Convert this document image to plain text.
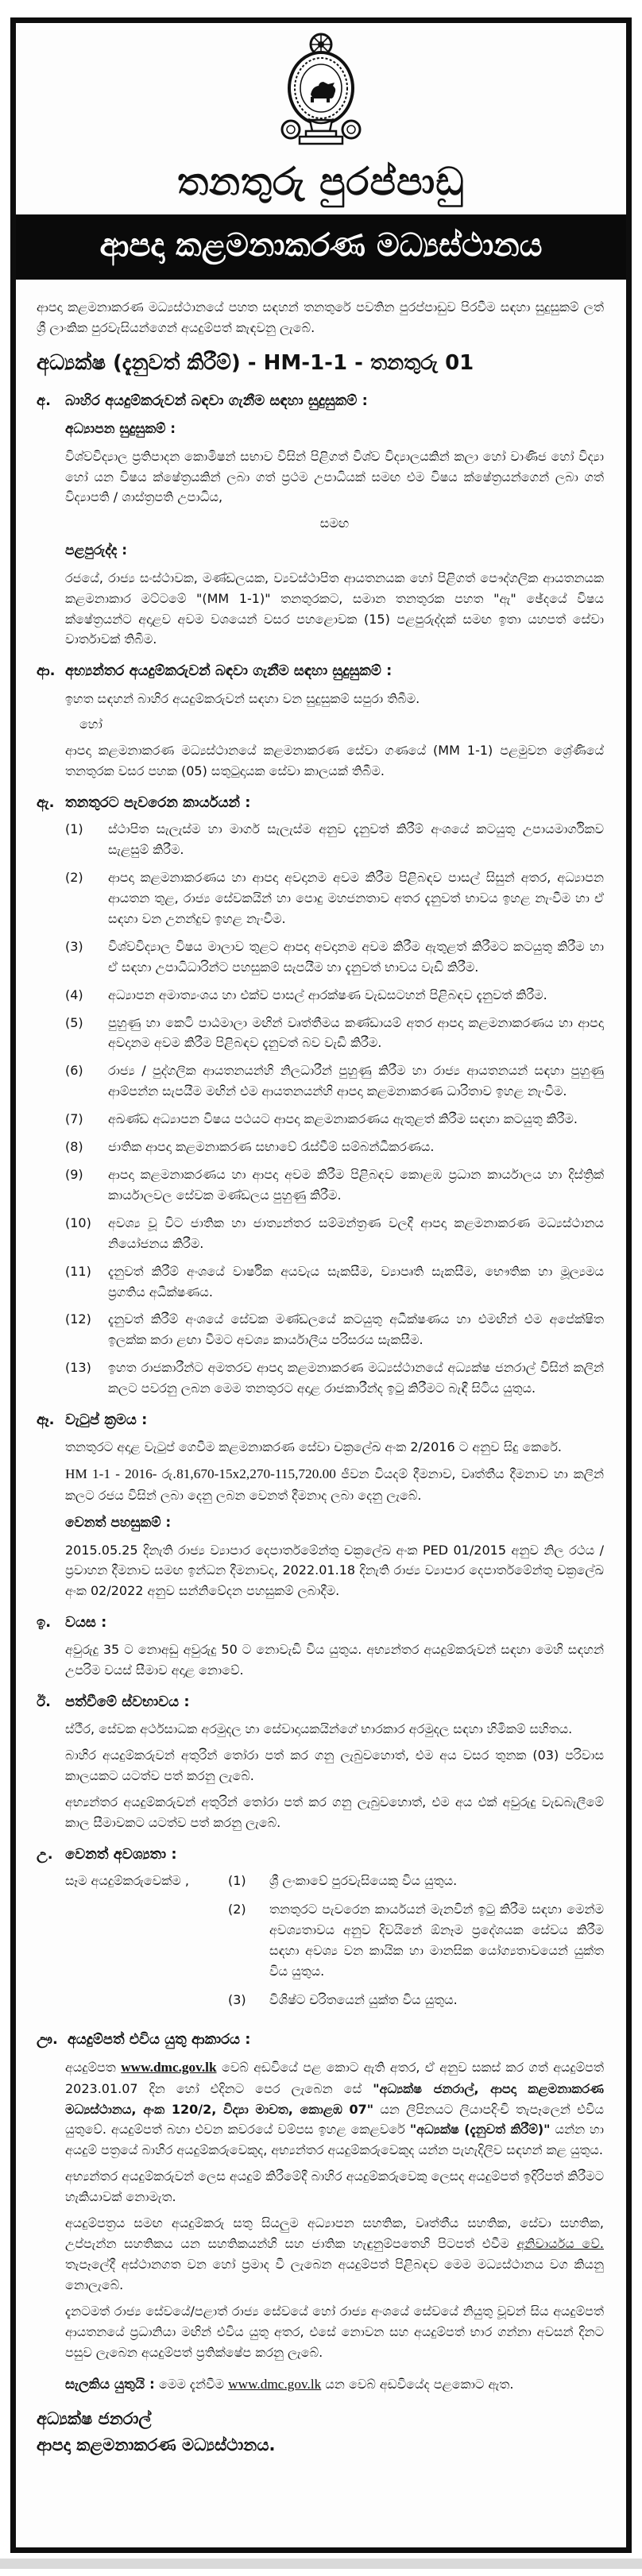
තනතුරු පුරප්පාඩු
ආපදා කළමනාකරණ මධ්‍යස්ථානය

ආපදා කළමනාකරණ මධ්‍යස්ථානයේ පහත සඳහන් තනතුරේ පවතින පුරප්පාඩුව පිරවීම සඳහා සුදුසුකම් ලත් ශ්‍රී ලාංකික පුරවැසියන්ගෙන් අයදුම්පත් කැඳවනු ලැබේ.

අධ්‍යක්ෂ (දැනුවත් කිරීම්) - HM-1-1 - තනතුරු 01
අ.	බාහිර අයදුම්කරුවන් බඳවා ගැනීම සඳහා සුදුසුකම් :
අධ්‍යාපන සුදුසුකම් :

විශ්වවිද්‍යාල ප්‍රතිපාදන කොමිෂන් සභාව විසින් පිළිගත් විශ්ව විද්‍යාලයකින් කලා හෝ වාණිජ හෝ විද්‍යා හෝ යන විෂය ක්ෂේත්‍රයකින් ලබා ගත් ප්‍රථම උපාධියක් සමඟ එම විෂය ක්ෂේත්‍රයන්ගෙන් ලබා ගත් විද්‍යාපති / ශාස්ත්‍රපති උපාධිය,

සමඟ

පළපුරුද්ද :

රජයේ, රාජ්‍ය සංස්ථාවක, මණ්ඩලයක, ව්‍යවස්ථාපිත ආයතනයක හෝ පිළිගත් පෞද්ගලික ආයතනයක කළමනාකාර මට්ටමේ "(MM 1-1)" තනතුරකට, සමාන තනතුරක පහත "ඇ" ඡේදයේ විෂය ක්ෂේත්‍රයන්ට අදාළව අවම වශයෙන් වසර පහළොවක (15) පළපුරුද්දක් සමඟ ඉතා යහපත් සේවා වාර්තාවක් තිබීම.

ආ. අභ්‍යන්තර අයදුම්කරුවන් බඳවා ගැනීම සඳහා සුදුසුකම් :

ඉහත සඳහන් බාහිර අයදුම්කරුවන් සඳහා වන සුදුසුකම් සපුරා තිබීම.

හෝ

ආපදා කළමනාකරණ මධ්‍යස්ථානයේ කළමනාකරණ සේවා ගණයේ (MM 1-1) පළමුවන ශ්‍රේණියේ තනතුරක වසර පහක (05) සතුටුදායක සේවා කාලයක් තිබීම.

ඇ. තනතුරට පැවරෙන කාර්යයන් :
(1)	ස්ථාපිත සැලැස්ම හා මාර්ග සැලැස්ම අනුව දැනුවත් කිරීම් අංශයේ කටයුතු උපායමාර්ගිකව සැළසුම් කිරීම.
(2)	ආපදා කළමනාකරණය හා ආපදා අවදානම අවම කිරීම පිළිබඳව පාසල් සිසුන් අතර, අධ්‍යාපන ආයතන තුළ, රාජ්‍ය සේවකයින් හා පොදු මහජනතාව අතර දැනුවත් භාවය ඉහළ නැංවීම හා ඒ සඳහා වන උනන්දුව ඉහළ නැංවීම.
(3)	විශ්වවිද්‍යාල විෂය මාලාව තුළට ආපදා අවදානම අවම කිරීම ඇතුළත් කිරීමට කටයුතු කිරීම හා ඒ සඳහා උපාධිධාරින්ට පහසුකම් සැපයීම හා දැනුවත් භාවය වැඩි කිරීම.
(4)	අධ්‍යාපන අමාත්‍යංශය හා එක්ව පාසල් ආරක්ෂණ වැඩසටහන් පිළිබඳව දැනුවත් කිරීම.
(5)	පුහුණු හා කෙටි පාඨමාලා මඟින් වෘත්තීමය කණ්ඩායම් අතර ආපදා කළමනාකරණය හා ආපදා අවදානම අවම කිරීම පිළිබඳව දැනුවත් බව වැඩි කිරීම.
(6)	රාජ්‍ය / පුද්ගලික ආයතනයන්හි නිලධාරීන් පුහුණු කිරීම හා රාජ්‍ය ආයතනයන් සඳහා පුහුණු ආම්පන්න සැපයීම මඟින් එම ආයතනයන්හි ආපදා කළමනාකරණ ධාරිතාව ඉහළ නැංවීම.
(7)	අඛණ්ඩ අධ්‍යාපන විෂය පථයට ආපදා කළමනාකරණය ඇතුළත් කිරීම සඳහා කටයුතු කිරීම.
(8)	ජාතික ආපදා කළමනාකරණ සභාවේ රැස්වීම් සම්බන්ධීකරණය.
(9)	ආපදා කළමනාකරණය හා ආපදා අවම කිරීම පිළිබඳව කොළඹ ප්‍රධාන කාර්යාලය හා දිස්ත්‍රික් කාර්යාලවල සේවක මණ්ඩලය පුහුණු කිරීම.
(10)	අවශ්‍ය වූ විට ජාතික හා ජාත්‍යන්තර සම්මන්ත්‍රණ වලදී ආපදා කළමනාකරණ මධ්‍යස්ථානය නියෝජනය කිරීම.
(11)	දැනුවත් කිරීම් අංශයේ වාර්ෂික අයවැය සැකසීම, ව්‍යාපෘති සැකසීම, භෞතික හා මූල්‍යමය ප්‍රගතිය අධීක්ෂණය.
(12)	දැනුවත් කිරීම් අංශයේ සේවක මණ්ඩලයේ කටයුතු අධීක්ෂණය හා එමඟින් එම අපේක්ෂිත ඉලක්ක කරා ළඟා වීමට අවශ්‍ය කාර්යාලීය පරිසරය සැකසීම.
(13)	ඉහත රාජකාරීන්ට අමතරව ආපදා කළමනාකරණ මධ්‍යස්ථානයේ අධ්‍යක්ෂ ජනරාල් විසින් කලින් කලට පවරනු ලබන මෙම තනතුරට අදාළ රාජකාරීන්ද ඉටු කිරීමට බැඳී සිටිය යුතුය.
ඈ. වැටුප් ක්‍රමය :

තනතුරට අදාළ වැටුප් ගෙවීම කළමනාකරණ සේවා චක්‍රලේඛ අංක 2/2016 ට අනුව සිදු කෙරේ.

HM 1-1 - 2016- රු.81,670-15x2,270-115,720.00 ජීවන වියදම් දීමනාව, වෘත්තීය දීමනාව හා කලින් කලට රජය විසින් ලබා දෙනු ලබන වෙනත් දීමනාද ලබා දෙනු ලැබේ.

වෙනත් පහසුකම් :

2015.05.25 දිනැති රාජ්‍ය ව්‍යාපාර දෙපාර්තමේන්තු චක්‍රලේඛ අංක PED 01/2015 අනුව නිල රථය / ප්‍රවාහන දීමනාව සමඟ ඉන්ධන දීමනාවද, 2022.01.18 දිනැති රාජ්‍ය ව්‍යාපාර දෙපාර්තමේන්තු චක්‍රලේඛ අංක 02/2022 අනුව සන්නිවේදන පහසුකම් ලබාදීම.

ඉ. වයස :

අවුරුදු 35 ට නොඅඩු අවුරුදු 50 ට නොවැඩි විය යුතුය. අභ්‍යන්තර අයදුම්කරුවන් සඳහා මෙහි සඳහන් උපරිම වයස් සීමාව අදාළ නොවේ.

ඊ.	පත්වීමේ ස්වභාවය :

ස්ථීර, සේවක අර්ථසාධක අරමුදල හා සේවාදායකයින්ගේ භාරකාර අරමුදල සඳහා හිමිකම් සහිතය.

බාහිර අයදුම්කරුවන් අතුරින් තෝරා පත් කර ගනු ලැබුවහොත්, එම අය වසර තුනක (03) පරිවාස කාලයකට යටත්ව පත් කරනු ලැබේ.

අභ්‍යන්තර අයදුම්කරුවන් අතුරින් තෝරා පත් කර ගනු ලැබුවහොත්, එම අය එක් අවුරුදු වැඩබැලීමේ කාල සීමාවකට යටත්ව පත් කරනු ලැබේ.

උ. වෙනත් අවශ්‍යතා :
සෑම අයදුම්කරුවෙක්ම ,	(1)	ශ්‍රී ලංකාවේ පුරවැසියෙකු විය යුතුය.
(2)	තනතුරට පැවරෙන කාර්යයන් මැනවින් ඉටු කිරීම සඳහා මෙන්ම අවශ්‍යතාවය අනුව දිවයිනේ ඕනෑම ප්‍රදේශයක සේවය කිරීම සඳහා අවශ්‍ය වන කායික හා මානසික යෝග්‍යතාවයෙන් යුක්ත විය යුතුය.
(3)	විශිෂ්ට චරිතයෙන් යුක්ත විය යුතුය.
ඌ. අයදුම්පත් එවිය යුතු ආකාරය :

අයදුම්පත www.dmc.gov.lk වෙබ් අඩවියේ පළ කොට ඇති අතර, ඒ අනුව සකස් කර ගත් අයදුම්පත් 2023.01.07 දින හෝ එදිනට පෙර ලැබෙන සේ "අධ්‍යක්ෂ ජනරාල්, ආපදා කළමනාකරණ මධ්‍යස්ථානය, අංක 120/2, විද්‍යා මාවත, කොළඹ 07" යන ලිපිනයට ලියාපදිංචි තැපෑලෙන් එවිය යුතුවේ. අයදුම්පත් බහා එවන කවරයේ වම්පස ඉහළ කෙළවරේ "අධ්‍යක්ෂ (දැනුවත් කිරීම්)" යන්න හා අයදුම් පත්‍රයේ බාහිර අයදුම්කරුවෙකුද, අභ්‍යන්තර අයදුම්කරුවෙකුද යන්න පැහැදිලිව සඳහන් කළ යුතුය.

අභ්‍යන්තර අයදුම්කරුවන් ලෙස අයදුම් කිරීමේදී බාහිර අයදුම්කරුවෙකු ලෙසද අයදුම්පත් ඉදිරිපත් කිරීමට හැකියාවක් නොමැත.

අයදුම්පත්‍රය සමඟ අයදුම්කරු සතු සියලුම අධ්‍යාපන සහතික, වෘත්තීය සහතික, සේවා සහතික, උප්පැන්න සහතිකය යන සහතිකයන්හි සහ ජාතික හැඳුනුම්පතෙහි පිටපත් එවීම අනිවාර්යය වේ. තැපෑලේදී අස්ථානගත වන හෝ ප්‍රමාද වී ලැබෙන අයදුම්පත් පිළිබඳව මෙම මධ්‍යස්ථානය වග කියනු නොලැබේ.

දැනටමත් රාජ්‍ය සේවයේ/පළාත් රාජ්‍ය සේවයේ හෝ රාජ්‍ය අංශයේ සේවයේ නියුතු වූවන් සිය අයදුම්පත් ආයතනයේ ප්‍රධානියා මඟින් එවිය යුතු අතර, එසේ නොවන සහ අයදුම්පත් භාර ගන්නා අවසන් දිනට පසුව ලැබෙන අයදුම්පත් ප්‍රතික්ෂේප කරනු ලැබේ.

සැලකිය යුතුයි : මෙම දැන්වීම www.dmc.gov.lk යන වෙබ් අඩවියේද පළකොට ඇත.

අධ්‍යක්ෂ ජනරාල්
ආපදා කළමනාකරණ මධ්‍යස්ථානය.
